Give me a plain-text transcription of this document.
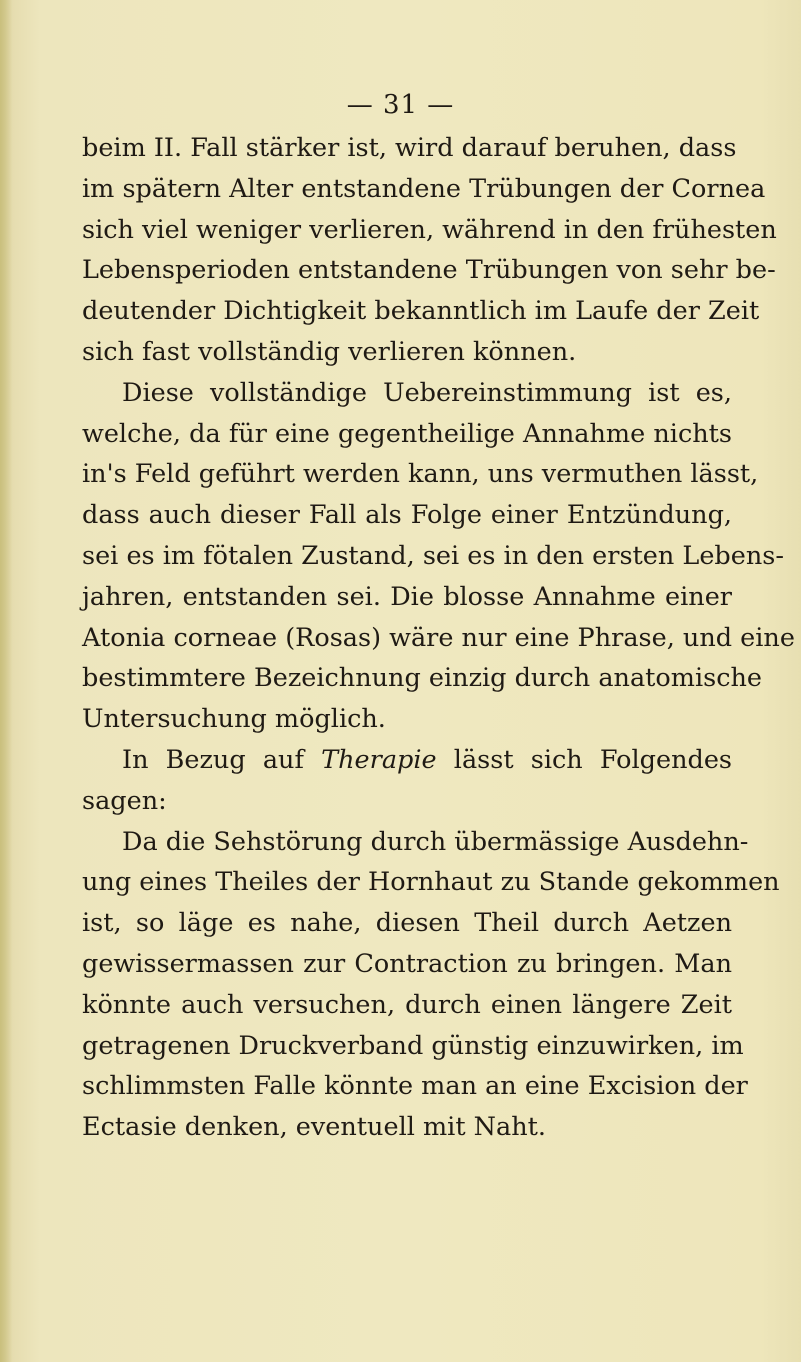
— 31 —
beim II. Fall stärker ist, wird darauf beruhen, dass
im spätern Alter entstandene Trübungen der Cornea
sich viel weniger verlieren, während in den frühesten
Lebensperioden entstandene Trübungen von sehr be-
deutender Dichtigkeit bekanntlich im Laufe der Zeit
sich fast vollständig verlieren können.
Diese vollständige Uebereinstimmung ist es,
welche, da für eine gegentheilige Annahme nichts
in's Feld geführt werden kann, uns vermuthen lässt,
dass auch dieser Fall als Folge einer Entzündung,
sei es im fötalen Zustand, sei es in den ersten Lebens-
jahren, entstanden sei. Die blosse Annahme einer
Atonia corneae (Rosas) wäre nur eine Phrase, und eine
bestimmtere Bezeichnung einzig durch anatomische
Untersuchung möglich.
In Bezug auf Therapie lässt sich Folgendes
sagen:
Da die Sehstörung durch übermässige Ausdehn-
ung eines Theiles der Hornhaut zu Stande gekommen
ist, so läge es nahe, diesen Theil durch Aetzen
gewissermassen zur Contraction zu bringen. Man
könnte auch versuchen, durch einen längere Zeit
getragenen Druckverband günstig einzuwirken, im
schlimmsten Falle könnte man an eine Excision der
Ectasie denken, eventuell mit Naht.
